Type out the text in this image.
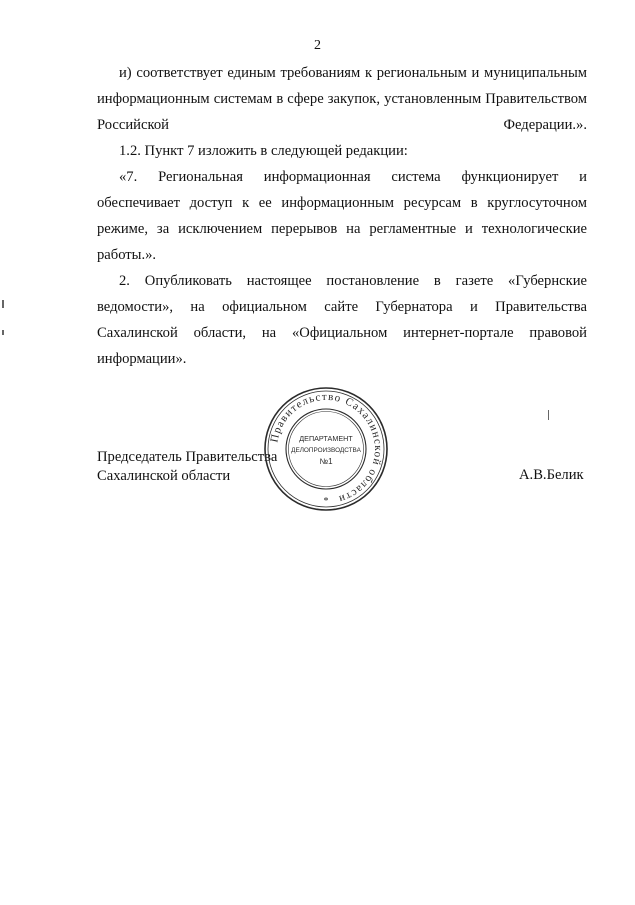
2

и) соответствует единым требованиям к региональным и муниципальным информационным системам в сфере закупок, установленным Правительством Российской Федерации.».

1.2. Пункт 7 изложить в следующей редакции:

«7. Региональная информационная система функционирует и обеспечивает доступ к ее информационным ресурсам в круглосуточном режиме, за исключением перерывов на регламентные и технологические работы.».

2. Опубликовать настоящее постановление в газете «Губернские ведомости», на официальном сайте Губернатора и Правительства Сахалинской области, на «Официальном интернет-портале правовой информации».

Председатель Правительства
Сахалинской области	А.В.Белик
Правительство Сахалинской области
ДЕПАРТАМЕНТ
ДЕЛОПРОИЗВОДСТВА
№1
*
